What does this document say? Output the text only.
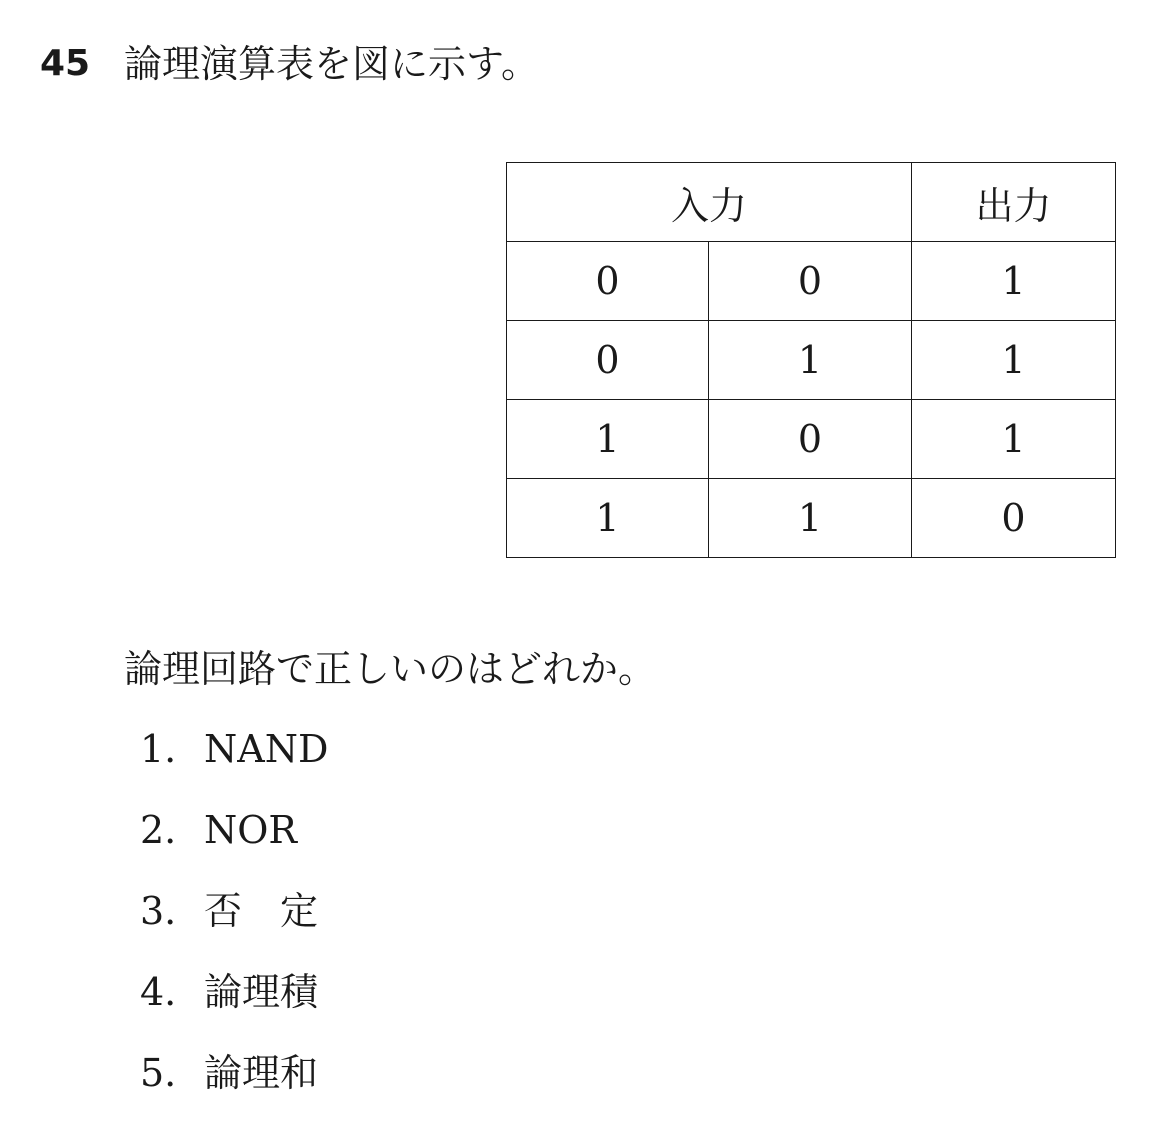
45 論理演算表を図に示す。
入力		出力
0	0	1
0	1	1
1	0	1
1	1	0
論理回路で正しいのはどれか。
1. NAND
2. NOR
3. 否　定
4. 論理積
5. 論理和
